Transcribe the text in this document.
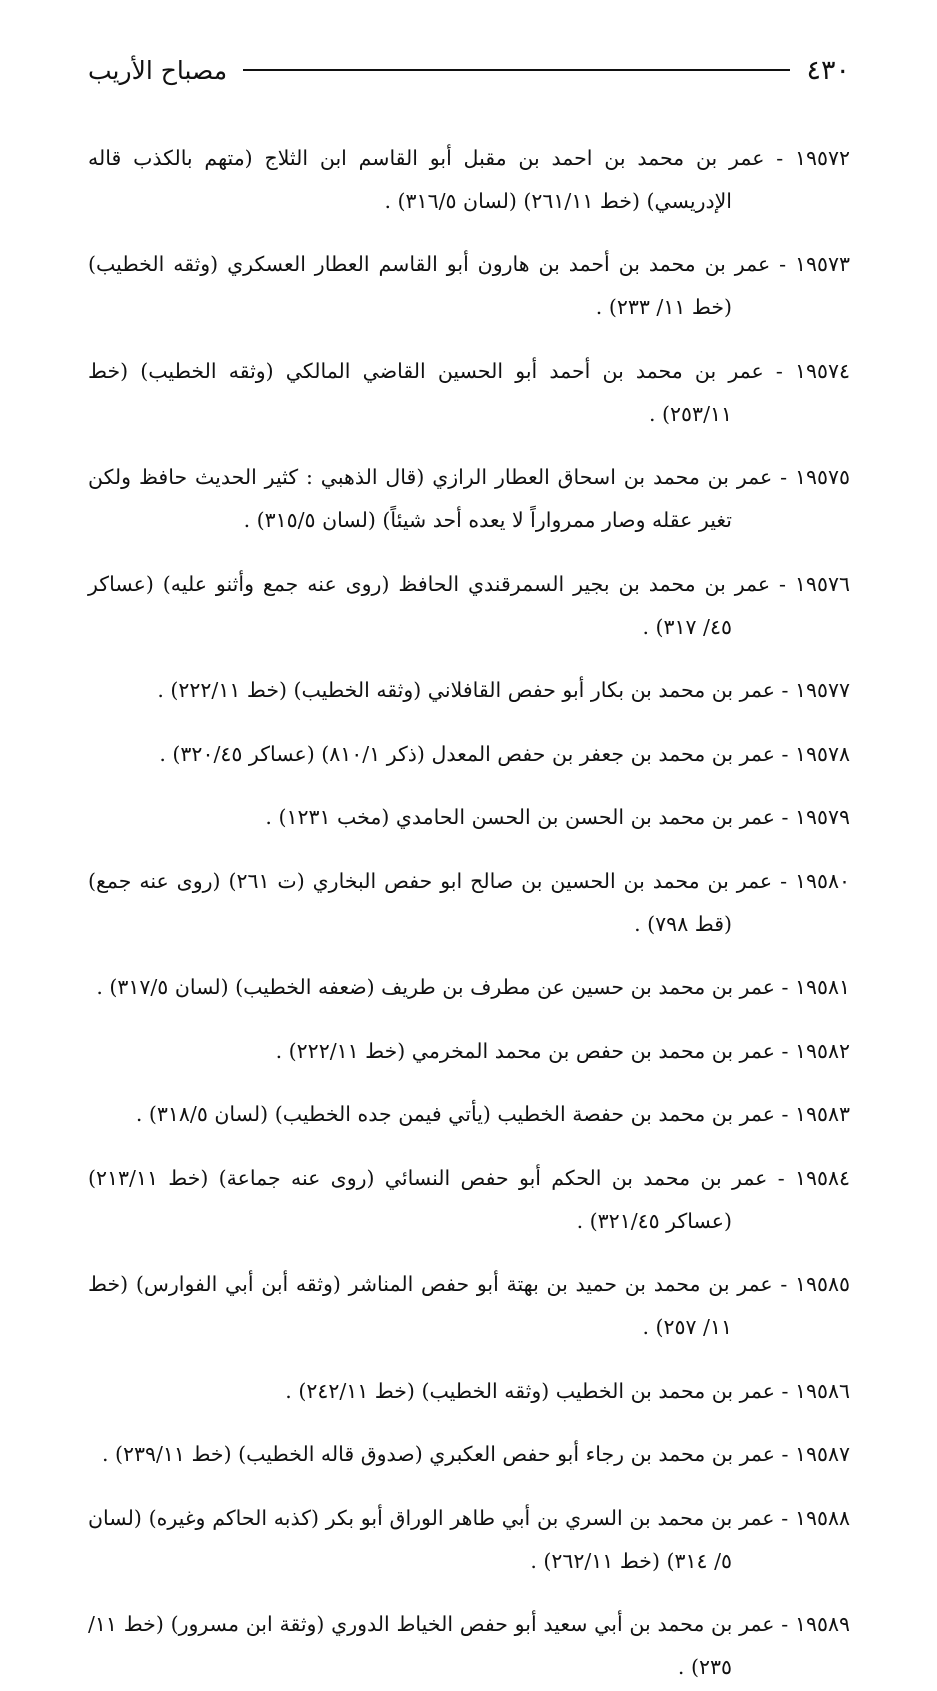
٤٣٠
مصباح الأريب

١٩٥٧٢ - عمر بن محمد بن احمد بن مقبل أبو القاسم ابن الثلاج (متهم بالكذب قاله الإدريسي) (خط ٢٦١/١١) (لسان ٣١٦/٥) .

١٩٥٧٣ - عمر بن محمد بن أحمد بن هارون أبو القاسم العطار العسكري (وثقه الخطيب) (خط ١١/ ٢٣٣) .

١٩٥٧٤ - عمر بن محمد بن أحمد أبو الحسين القاضي المالكي (وثقه الخطيب) (خط ٢٥٣/١١) .

١٩٥٧٥ - عمر بن محمد بن اسحاق العطار الرازي (قال الذهبي : كثير الحديث حافظ ولكن تغير عقله وصار ممرواراً لا يعده أحد شيئاً) (لسان ٣١٥/٥) .

١٩٥٧٦ - عمر بن محمد بن بجير السمرقندي الحافظ (روى عنه جمع وأثنو عليه) (عساكر ٤٥/ ٣١٧) .

١٩٥٧٧ - عمر بن محمد بن بكار أبو حفص القافلاني (وثقه الخطيب) (خط ٢٢٢/١١) .

١٩٥٧٨ - عمر بن محمد بن جعفر بن حفص المعدل (ذكر ٨١٠/١) (عساكر ٣٢٠/٤٥) .

١٩٥٧٩ - عمر بن محمد بن الحسن بن الحسن الحامدي (مخب ١٢٣١) .

١٩٥٨٠ - عمر بن محمد بن الحسين بن صالح ابو حفص البخاري (ت ٢٦١) (روى عنه جمع) (قط ٧٩٨) .

١٩٥٨١ - عمر بن محمد بن حسين عن مطرف بن طريف (ضعفه الخطيب) (لسان ٣١٧/٥) .

١٩٥٨٢ - عمر بن محمد بن حفص بن محمد المخرمي (خط ٢٢٢/١١) .

١٩٥٨٣ - عمر بن محمد بن حفصة الخطيب (يأتي فيمن جده الخطيب) (لسان ٣١٨/٥) .

١٩٥٨٤ - عمر بن محمد بن الحكم أبو حفص النسائي (روى عنه جماعة) (خط ٢١٣/١١) (عساكر ٣٢١/٤٥) .

١٩٥٨٥ - عمر بن محمد بن حميد بن بهتة أبو حفص المناشر (وثقه أبن أبي الفوارس) (خط ١١/ ٢٥٧) .

١٩٥٨٦ - عمر بن محمد بن الخطيب (وثقه الخطيب) (خط ٢٤٢/١١) .

١٩٥٨٧ - عمر بن محمد بن رجاء أبو حفص العكبري (صدوق قاله الخطيب) (خط ٢٣٩/١١) .

١٩٥٨٨ - عمر بن محمد بن السري بن أبي طاهر الوراق أبو بكر (كذبه الحاكم وغيره) (لسان ٥/ ٣١٤) (خط ٢٦٢/١١) .

١٩٥٨٩ - عمر بن محمد بن أبي سعيد أبو حفص الخياط الدوري (وثقة ابن مسرور) (خط ١١/ ٢٣٥) .
